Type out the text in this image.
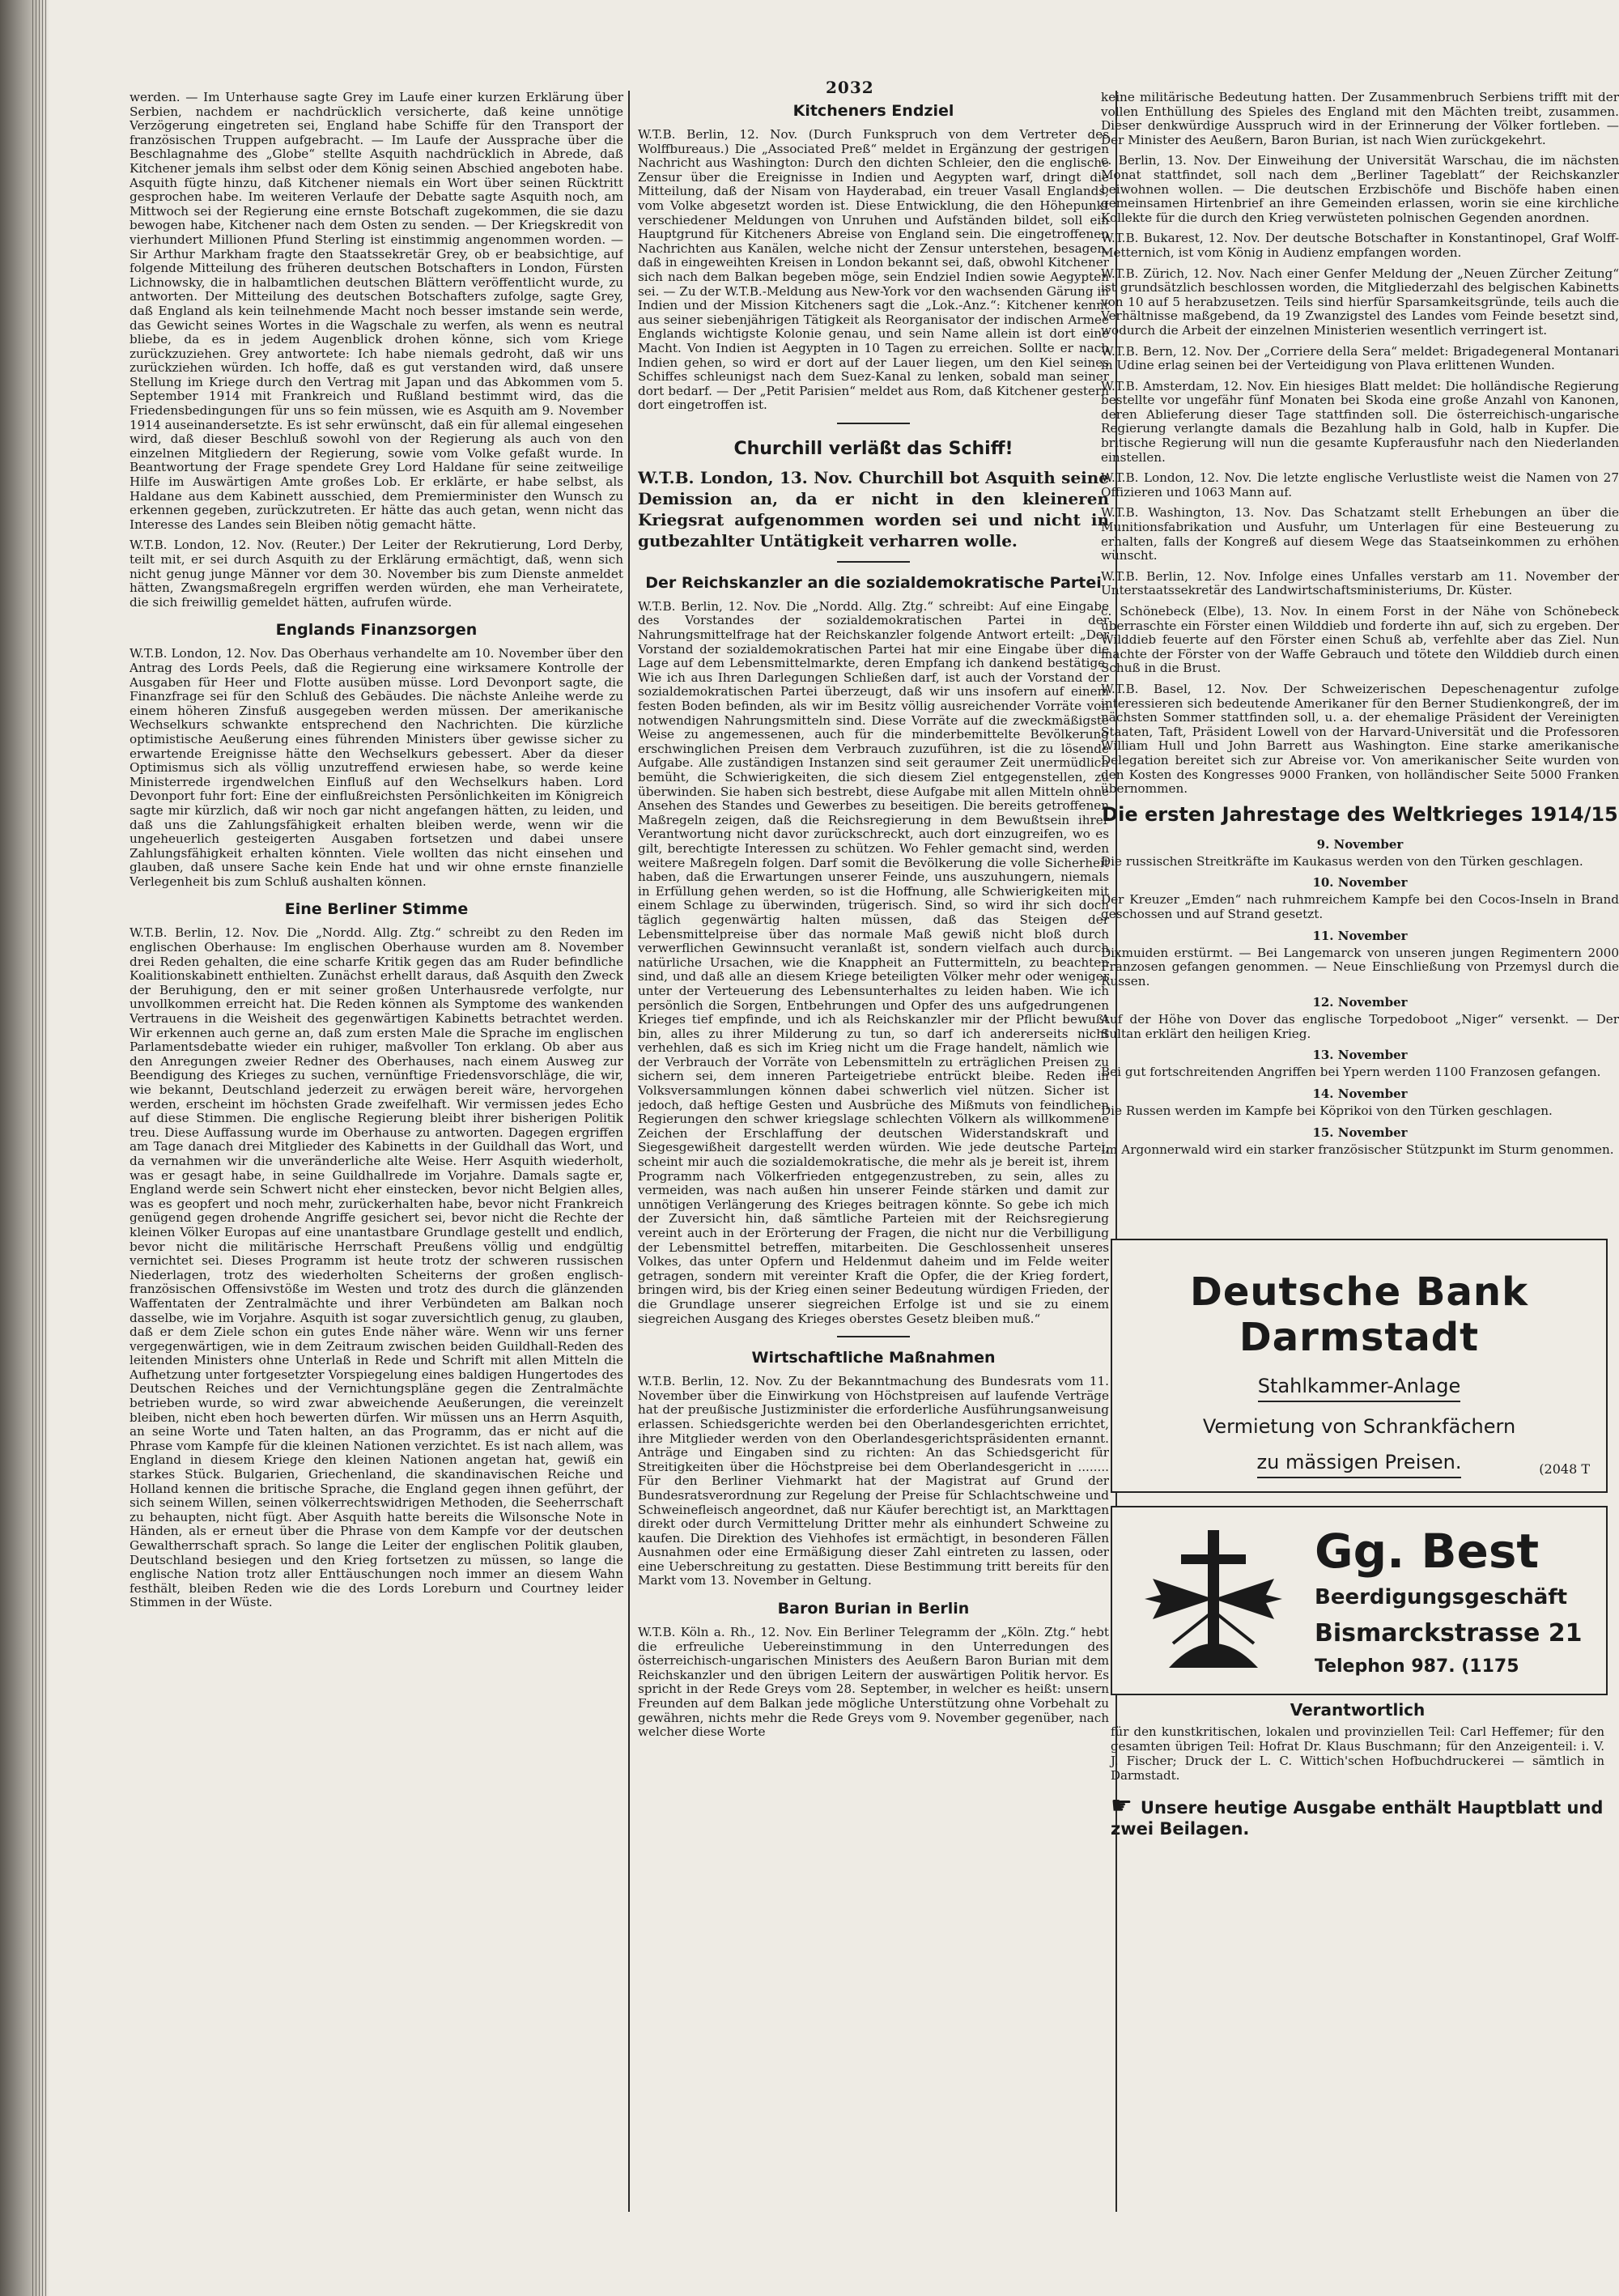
2032

werden. — Im Unterhause sagte Grey im Laufe einer kurzen Erklärung über Serbien, nachdem er nachdrücklich versicherte, daß keine unnötige Verzögerung eingetreten sei, England habe Schiffe für den Transport der französischen Truppen aufgebracht. — Im Laufe der Aussprache über die Beschlagnahme des „Globe“ stellte Asquith nachdrücklich in Abrede, daß Kitchener jemals ihm selbst oder dem König seinen Abschied angeboten habe. Asquith fügte hinzu, daß Kitchener niemals ein Wort über seinen Rücktritt gesprochen habe. Im weiteren Verlaufe der Debatte sagte Asquith noch, am Mittwoch sei der Regierung eine ernste Botschaft zugekommen, die sie dazu bewogen habe, Kitchener nach dem Osten zu senden. — Der Kriegskredit von vierhundert Millionen Pfund Sterling ist einstimmig angenommen worden. — Sir Arthur Markham fragte den Staatssekretär Grey, ob er beabsichtige, auf folgende Mitteilung des früheren deutschen Botschafters in London, Fürsten Lichnowsky, die in halbamtlichen deutschen Blättern veröffentlicht wurde, zu antworten. Der Mitteilung des deutschen Botschafters zufolge, sagte Grey, daß England als kein teilnehmende Macht noch besser imstande sein werde, das Gewicht seines Wortes in die Wagschale zu werfen, als wenn es neutral bliebe, da es in jedem Augenblick drohen könne, sich vom Kriege zurückzuziehen. Grey antwortete: Ich habe niemals gedroht, daß wir uns zurückziehen würden. Ich hoffe, daß es gut verstanden wird, daß unsere Stellung im Kriege durch den Vertrag mit Japan und das Abkommen vom 5. September 1914 mit Frankreich und Rußland bestimmt wird, das die Friedensbedingungen für uns so fein müssen, wie es Asquith am 9. November 1914 auseinandersetzte. Es ist sehr erwünscht, daß ein für allemal eingesehen wird, daß dieser Beschluß sowohl von der Regierung als auch von den einzelnen Mitgliedern der Regierung, sowie vom Volke gefaßt wurde. In Beantwortung der Frage spendete Grey Lord Haldane für seine zeitweilige Hilfe im Auswärtigen Amte großes Lob. Er erklärte, er habe selbst, als Haldane aus dem Kabinett ausschied, dem Premierminister den Wunsch zu erkennen gegeben, zurückzutreten. Er hätte das auch getan, wenn nicht das Interesse des Landes sein Bleiben nötig gemacht hätte.

W.T.B. London, 12. Nov. (Reuter.) Der Leiter der Rekrutierung, Lord Derby, teilt mit, er sei durch Asquith zu der Erklärung ermächtigt, daß, wenn sich nicht genug junge Männer vor dem 30. November bis zum Dienste anmeldet hätten, Zwangsmaßregeln ergriffen werden würden, ehe man Verheiratete, die sich freiwillig gemeldet hätten, aufrufen würde.

Englands Finanzsorgen

W.T.B. London, 12. Nov. Das Oberhaus verhandelte am 10. November über den Antrag des Lords Peels, daß die Regierung eine wirksamere Kontrolle der Ausgaben für Heer und Flotte ausüben müsse. Lord Devonport sagte, die Finanzfrage sei für den Schluß des Gebäudes. Die nächste Anleihe werde zu einem höheren Zinsfuß ausgegeben werden müssen. Der amerikanische Wechselkurs schwankte entsprechend den Nachrichten. Die kürzliche optimistische Aeußerung eines führenden Ministers über gewisse sicher zu erwartende Ereignisse hätte den Wechselkurs gebessert. Aber da dieser Optimismus sich als völlig unzutreffend erwiesen habe, so werde keine Ministerrede irgendwelchen Einfluß auf den Wechselkurs haben. Lord Devonport fuhr fort: Eine der einflußreichsten Persönlichkeiten im Königreich sagte mir kürzlich, daß wir noch gar nicht angefangen hätten, zu leiden, und daß uns die Zahlungsfähigkeit erhalten bleiben werde, wenn wir die ungeheuerlich gesteigerten Ausgaben fortsetzen und dabei unsere Zahlungsfähigkeit erhalten könnten. Viele wollten das nicht einsehen und glauben, daß unsere Sache kein Ende hat und wir ohne ernste finanzielle Verlegenheit bis zum Schluß aushalten können.

Eine Berliner Stimme

W.T.B. Berlin, 12. Nov. Die „Nordd. Allg. Ztg.“ schreibt zu den Reden im englischen Oberhause: Im englischen Oberhause wurden am 8. November drei Reden gehalten, die eine scharfe Kritik gegen das am Ruder befindliche Koalitionskabinett enthielten. Zunächst erhellt daraus, daß Asquith den Zweck der Beruhigung, den er mit seiner großen Unterhausrede verfolgte, nur unvollkommen erreicht hat. Die Reden können als Symptome des wankenden Vertrauens in die Weisheit des gegenwärtigen Kabinetts betrachtet werden. Wir erkennen auch gerne an, daß zum ersten Male die Sprache im englischen Parlamentsdebatte wieder ein ruhiger, maßvoller Ton erklang. Ob aber aus den Anregungen zweier Redner des Oberhauses, nach einem Ausweg zur Beendigung des Krieges zu suchen, vernünftige Friedensvorschläge, die wir, wie bekannt, Deutschland jederzeit zu erwägen bereit wäre, hervorgehen werden, erscheint im höchsten Grade zweifelhaft. Wir vermissen jedes Echo auf diese Stimmen. Die englische Regierung bleibt ihrer bisherigen Politik treu. Diese Auffassung wurde im Oberhause zu antworten. Dagegen ergriffen am Tage danach drei Mitglieder des Kabinetts in der Guildhall das Wort, und da vernahmen wir die unveränderliche alte Weise. Herr Asquith wiederholt, was er gesagt habe, in seine Guildhallrede im Vorjahre. Damals sagte er, England werde sein Schwert nicht eher einstecken, bevor nicht Belgien alles, was es geopfert und noch mehr, zurückerhalten habe, bevor nicht Frankreich genügend gegen drohende Angriffe gesichert sei, bevor nicht die Rechte der kleinen Völker Europas auf eine unantastbare Grundlage gestellt und endlich, bevor nicht die militärische Herrschaft Preußens völlig und endgültig vernichtet sei. Dieses Programm ist heute trotz der schweren russischen Niederlagen, trotz des wiederholten Scheiterns der großen englisch-französischen Offensivstöße im Westen und trotz des durch die glänzenden Waffentaten der Zentralmächte und ihrer Verbündeten am Balkan noch dasselbe, wie im Vorjahre. Asquith ist sogar zuversichtlich genug, zu glauben, daß er dem Ziele schon ein gutes Ende näher wäre. Wenn wir uns ferner vergegenwärtigen, wie in dem Zeitraum zwischen beiden Guildhall-Reden des leitenden Ministers ohne Unterlaß in Rede und Schrift mit allen Mitteln die Aufhetzung unter fortgesetzter Vorspiegelung eines baldigen Hungertodes des Deutschen Reiches und der Vernichtungspläne gegen die Zentralmächte betrieben wurde, so wird zwar abweichende Aeußerungen, die vereinzelt bleiben, nicht eben hoch bewerten dürfen. Wir müssen uns an Herrn Asquith, an seine Worte und Taten halten, an das Programm, das er nicht auf die Phrase vom Kampfe für die kleinen Nationen verzichtet. Es ist nach allem, was England in diesem Kriege den kleinen Nationen angetan hat, gewiß ein starkes Stück. Bulgarien, Griechenland, die skandinavischen Reiche und Holland kennen die britische Sprache, die England gegen ihnen geführt, der sich seinem Willen, seinen völkerrechtswidrigen Methoden, die Seeherrschaft zu behaupten, nicht fügt. Aber Asquith hatte bereits die Wilsonsche Note in Händen, als er erneut über die Phrase von dem Kampfe vor der deutschen Gewaltherrschaft sprach. So lange die Leiter der englischen Politik glauben, Deutschland besiegen und den Krieg fortsetzen zu müssen, so lange die englische Nation trotz aller Enttäuschungen noch immer an diesem Wahn festhält, bleiben Reden wie die des Lords Loreburn und Courtney leider Stimmen in der Wüste.

Kitcheners Endziel

W.T.B. Berlin, 12. Nov. (Durch Funkspruch von dem Vertreter des Wolffbureaus.) Die „Associated Preß“ meldet in Ergänzung der gestrigen Nachricht aus Washington: Durch den dichten Schleier, den die englische Zensur über die Ereignisse in Indien und Aegypten warf, dringt die Mitteilung, daß der Nisam von Hayderabad, ein treuer Vasall Englands, vom Volke abgesetzt worden ist. Diese Entwicklung, die den Höhepunkt verschiedener Meldungen von Unruhen und Aufständen bildet, soll ein Hauptgrund für Kitcheners Abreise von England sein. Die eingetroffenen Nachrichten aus Kanälen, welche nicht der Zensur unterstehen, besagen, daß in eingeweihten Kreisen in London bekannt sei, daß, obwohl Kitchener sich nach dem Balkan begeben möge, sein Endziel Indien sowie Aegypten sei. — Zu der W.T.B.-Meldung aus New-York vor den wachsenden Gärung in Indien und der Mission Kitcheners sagt die „Lok.-Anz.“: Kitchener kennt aus seiner siebenjährigen Tätigkeit als Reorganisator der indischen Armee Englands wichtigste Kolonie genau, und sein Name allein ist dort eine Macht. Von Indien ist Aegypten in 10 Tagen zu erreichen. Sollte er nach Indien gehen, so wird er dort auf der Lauer liegen, um den Kiel seines Schiffes schleunigst nach dem Suez-Kanal zu lenken, sobald man seiner dort bedarf. — Der „Petit Parisien“ meldet aus Rom, daß Kitchener gestern dort eingetroffen ist.

Churchill verläßt das Schiff!

W.T.B. London, 13. Nov. Churchill bot Asquith seine Demission an, da er nicht in den kleineren Kriegsrat aufgenommen worden sei und nicht in gutbezahlter Untätigkeit verharren wolle.

Der Reichskanzler an die sozialdemokratische Partei

W.T.B. Berlin, 12. Nov. Die „Nordd. Allg. Ztg.“ schreibt: Auf eine Eingabe des Vorstandes der sozialdemokratischen Partei in der Nahrungsmittelfrage hat der Reichskanzler folgende Antwort erteilt: „Der Vorstand der sozialdemokratischen Partei hat mir eine Eingabe über die Lage auf dem Lebensmittelmarkte, deren Empfang ich dankend bestätige. Wie ich aus Ihren Darlegungen Schließen darf, ist auch der Vorstand der sozialdemokratischen Partei überzeugt, daß wir uns insofern auf einem festen Boden befinden, als wir im Besitz völlig ausreichender Vorräte von notwendigen Nahrungsmitteln sind. Diese Vorräte auf die zweckmäßigste Weise zu angemessenen, auch für die minderbemittelte Bevölkerung erschwinglichen Preisen dem Verbrauch zuzuführen, ist die zu lösende Aufgabe. Alle zuständigen Instanzen sind seit geraumer Zeit unermüdlich bemüht, die Schwierigkeiten, die sich diesem Ziel entgegenstellen, zu überwinden. Sie haben sich bestrebt, diese Aufgabe mit allen Mitteln ohne Ansehen des Standes und Gewerbes zu beseitigen. Die bereits getroffenen Maßregeln zeigen, daß die Reichsregierung in dem Bewußtsein ihrer Verantwortung nicht davor zurückschreckt, auch dort einzugreifen, wo es gilt, berechtigte Interessen zu schützen. Wo Fehler gemacht sind, werden weitere Maßregeln folgen. Darf somit die Bevölkerung die volle Sicherheit haben, daß die Erwartungen unserer Feinde, uns auszuhungern, niemals in Erfüllung gehen werden, so ist die Hoffnung, alle Schwierigkeiten mit einem Schlage zu überwinden, trügerisch. Sind, so wird ihr sich doch täglich gegenwärtig halten müssen, daß das Steigen der Lebensmittelpreise über das normale Maß gewiß nicht bloß durch verwerflichen Gewinnsucht veranlaßt ist, sondern vielfach auch durch natürliche Ursachen, wie die Knappheit an Futtermitteln, zu beachten sind, und daß alle an diesem Kriege beteiligten Völker mehr oder weniger unter der Verteuerung des Lebensunterhaltes zu leiden haben. Wie ich persönlich die Sorgen, Entbehrungen und Opfer des uns aufgedrungenen Krieges tief empfinde, und ich als Reichskanzler mir der Pflicht bewußt bin, alles zu ihrer Milderung zu tun, so darf ich andererseits nicht verhehlen, daß es sich im Krieg nicht um die Frage handelt, nämlich wie der Verbrauch der Vorräte von Lebensmitteln zu erträglichen Preisen zu sichern sei, dem inneren Parteigetriebe entrückt bleibe. Reden in Volksversammlungen können dabei schwerlich viel nützen. Sicher ist jedoch, daß heftige Gesten und Ausbrüche des Mißmuts von feindlichen Regierungen den schwer kriegslage schlechten Völkern als willkommene Zeichen der Erschlaffung der deutschen Widerstandskraft und Siegesgewißheit dargestellt werden würden. Wie jede deutsche Partei, scheint mir auch die sozialdemokratische, die mehr als je bereit ist, ihrem Programm nach Völkerfrieden entgegenzustreben, zu sein, alles zu vermeiden, was nach außen hin unserer Feinde stärken und damit zur unnötigen Verlängerung des Krieges beitragen könnte. So gebe ich mich der Zuversicht hin, daß sämtliche Parteien mit der Reichsregierung vereint auch in der Erörterung der Fragen, die nicht nur die Verbilligung der Lebensmittel betreffen, mitarbeiten. Die Geschlossenheit unseres Volkes, das unter Opfern und Heldenmut daheim und im Felde weiter getragen, sondern mit vereinter Kraft die Opfer, die der Krieg fordert, bringen wird, bis der Krieg einen seiner Bedeutung würdigen Frieden, der die Grundlage unserer siegreichen Erfolge ist und sie zu einem siegreichen Ausgang des Krieges oberstes Gesetz bleiben muß.“

Wirtschaftliche Maßnahmen

W.T.B. Berlin, 12. Nov. Zu der Bekanntmachung des Bundesrats vom 11. November über die Einwirkung von Höchstpreisen auf laufende Verträge hat der preußische Justizminister die erforderliche Ausführungsanweisung erlassen. Schiedsgerichte werden bei den Oberlandesgerichten errichtet, ihre Mitglieder werden von den Oberlandesgerichtspräsidenten ernannt. Anträge und Eingaben sind zu richten: An das Schiedsgericht für Streitigkeiten über die Höchstpreise bei dem Oberlandesgericht in ........ Für den Berliner Viehmarkt hat der Magistrat auf Grund der Bundesratsverordnung zur Regelung der Preise für Schlachtschweine und Schweinefleisch angeordnet, daß nur Käufer berechtigt ist, an Markttagen direkt oder durch Vermittelung Dritter mehr als einhundert Schweine zu kaufen. Die Direktion des Viehhofes ist ermächtigt, in besonderen Fällen Ausnahmen oder eine Ermäßigung dieser Zahl eintreten zu lassen, oder eine Ueberschreitung zu gestatten. Diese Bestimmung tritt bereits für den Markt vom 13. November in Geltung.

Baron Burian in Berlin

W.T.B. Köln a. Rh., 12. Nov. Ein Berliner Telegramm der „Köln. Ztg.“ hebt die erfreuliche Uebereinstimmung in den Unterredungen des österreichisch-ungarischen Ministers des Aeußern Baron Burian mit dem Reichskanzler und den übrigen Leitern der auswärtigen Politik hervor. Es spricht in der Rede Greys vom 28. September, in welcher es heißt: unsern Freunden auf dem Balkan jede mögliche Unterstützung ohne Vorbehalt zu gewähren, nichts mehr die Rede Greys vom 9. November gegenüber, nach welcher diese Worte

keine militärische Bedeutung hatten. Der Zusammenbruch Serbiens trifft mit der vollen Enthüllung des Spieles des England mit den Mächten treibt, zusammen. Dieser denkwürdige Ausspruch wird in der Erinnerung der Völker fortleben. — Der Minister des Aeußern, Baron Burian, ist nach Wien zurückgekehrt.

c. Berlin, 13. Nov. Der Einweihung der Universität Warschau, die im nächsten Monat stattfindet, soll nach dem „Berliner Tageblatt“ der Reichskanzler beiwohnen wollen. — Die deutschen Erzbischöfe und Bischöfe haben einen gemeinsamen Hirtenbrief an ihre Gemeinden erlassen, worin sie eine kirchliche Kollekte für die durch den Krieg verwüsteten polnischen Gegenden anordnen.

W.T.B. Bukarest, 12. Nov. Der deutsche Botschafter in Konstantinopel, Graf Wolff-Metternich, ist vom König in Audienz empfangen worden.

W.T.B. Zürich, 12. Nov. Nach einer Genfer Meldung der „Neuen Zürcher Zeitung“ ist grundsätzlich beschlossen worden, die Mitgliederzahl des belgischen Kabinetts von 10 auf 5 herabzusetzen. Teils sind hierfür Sparsamkeitsgründe, teils auch die Verhältnisse maßgebend, da 19 Zwanzigstel des Landes vom Feinde besetzt sind, wodurch die Arbeit der einzelnen Ministerien wesentlich verringert ist.

W.T.B. Bern, 12. Nov. Der „Corriere della Sera“ meldet: Brigadegeneral Montanari in Udine erlag seinen bei der Verteidigung von Plava erlittenen Wunden.

W.T.B. Amsterdam, 12. Nov. Ein hiesiges Blatt meldet: Die holländische Regierung bestellte vor ungefähr fünf Monaten bei Skoda eine große Anzahl von Kanonen, deren Ablieferung dieser Tage stattfinden soll. Die österreichisch-ungarische Regierung verlangte damals die Bezahlung halb in Gold, halb in Kupfer. Die britische Regierung will nun die gesamte Kupferausfuhr nach den Niederlanden einstellen.

W.T.B. London, 12. Nov. Die letzte englische Verlustliste weist die Namen von 27 Offizieren und 1063 Mann auf.

W.T.B. Washington, 13. Nov. Das Schatzamt stellt Erhebungen an über die Munitionsfabrikation und Ausfuhr, um Unterlagen für eine Besteuerung zu erhalten, falls der Kongreß auf diesem Wege das Staatseinkommen zu erhöhen wünscht.

W.T.B. Berlin, 12. Nov. Infolge eines Unfalles verstarb am 11. November der Unterstaatssekretär des Landwirtschaftsministeriums, Dr. Küster.

c. Schönebeck (Elbe), 13. Nov. In einem Forst in der Nähe von Schönebeck überraschte ein Förster einen Wilddieb und forderte ihn auf, sich zu ergeben. Der Wilddieb feuerte auf den Förster einen Schuß ab, verfehlte aber das Ziel. Nun machte der Förster von der Waffe Gebrauch und tötete den Wilddieb durch einen Schuß in die Brust.

W.T.B. Basel, 12. Nov. Der Schweizerischen Depeschenagentur zufolge interessieren sich bedeutende Amerikaner für den Berner Studienkongreß, der im nächsten Sommer stattfinden soll, u. a. der ehemalige Präsident der Vereinigten Staaten, Taft, Präsident Lowell von der Harvard-Universität und die Professoren William Hull und John Barrett aus Washington. Eine starke amerikanische Delegation bereitet sich zur Abreise vor. Von amerikanischer Seite wurden von den Kosten des Kongresses 9000 Franken, von holländischer Seite 5000 Franken übernommen.

Die ersten Jahrestage des Weltkrieges 1914/15
9. November

Die russischen Streitkräfte im Kaukasus werden von den Türken geschlagen.

10. November

Der Kreuzer „Emden“ nach ruhmreichem Kampfe bei den Cocos-Inseln in Brand geschossen und auf Strand gesetzt.

11. November

Dixmuiden erstürmt. — Bei Langemarck von unseren jungen Regimentern 2000 Franzosen gefangen genommen. — Neue Einschließung von Przemysl durch die Russen.

12. November

Auf der Höhe von Dover das englische Torpedoboot „Niger“ versenkt. — Der Sultan erklärt den heiligen Krieg.

13. November

Bei gut fortschreitenden Angriffen bei Ypern werden 1100 Franzosen gefangen.

14. November

Die Russen werden im Kampfe bei Köprikoi von den Türken geschlagen.

15. November

Im Argonnerwald wird ein starker französischer Stützpunkt im Sturm genommen.

Deutsche Bank Darmstadt
Stahlkammer-Anlage
Vermietung von Schrankfächern
zu mässigen Preisen.	(2048 T
Gg. Best
Beerdigungsgeschäft
Bismarckstrasse 21
Telephon 987. (1175
Verantwortlich

für den kunstkritischen, lokalen und provinziellen Teil: Carl Heffemer; für den gesamten übrigen Teil: Hofrat Dr. Klaus Buschmann; für den Anzeigenteil: i. V. J. Fischer; Druck der L. C. Wittich'schen Hofbuchdruckerei — sämtlich in Darmstadt.

☛ Unsere heutige Ausgabe enthält Hauptblatt und zwei Beilagen.
